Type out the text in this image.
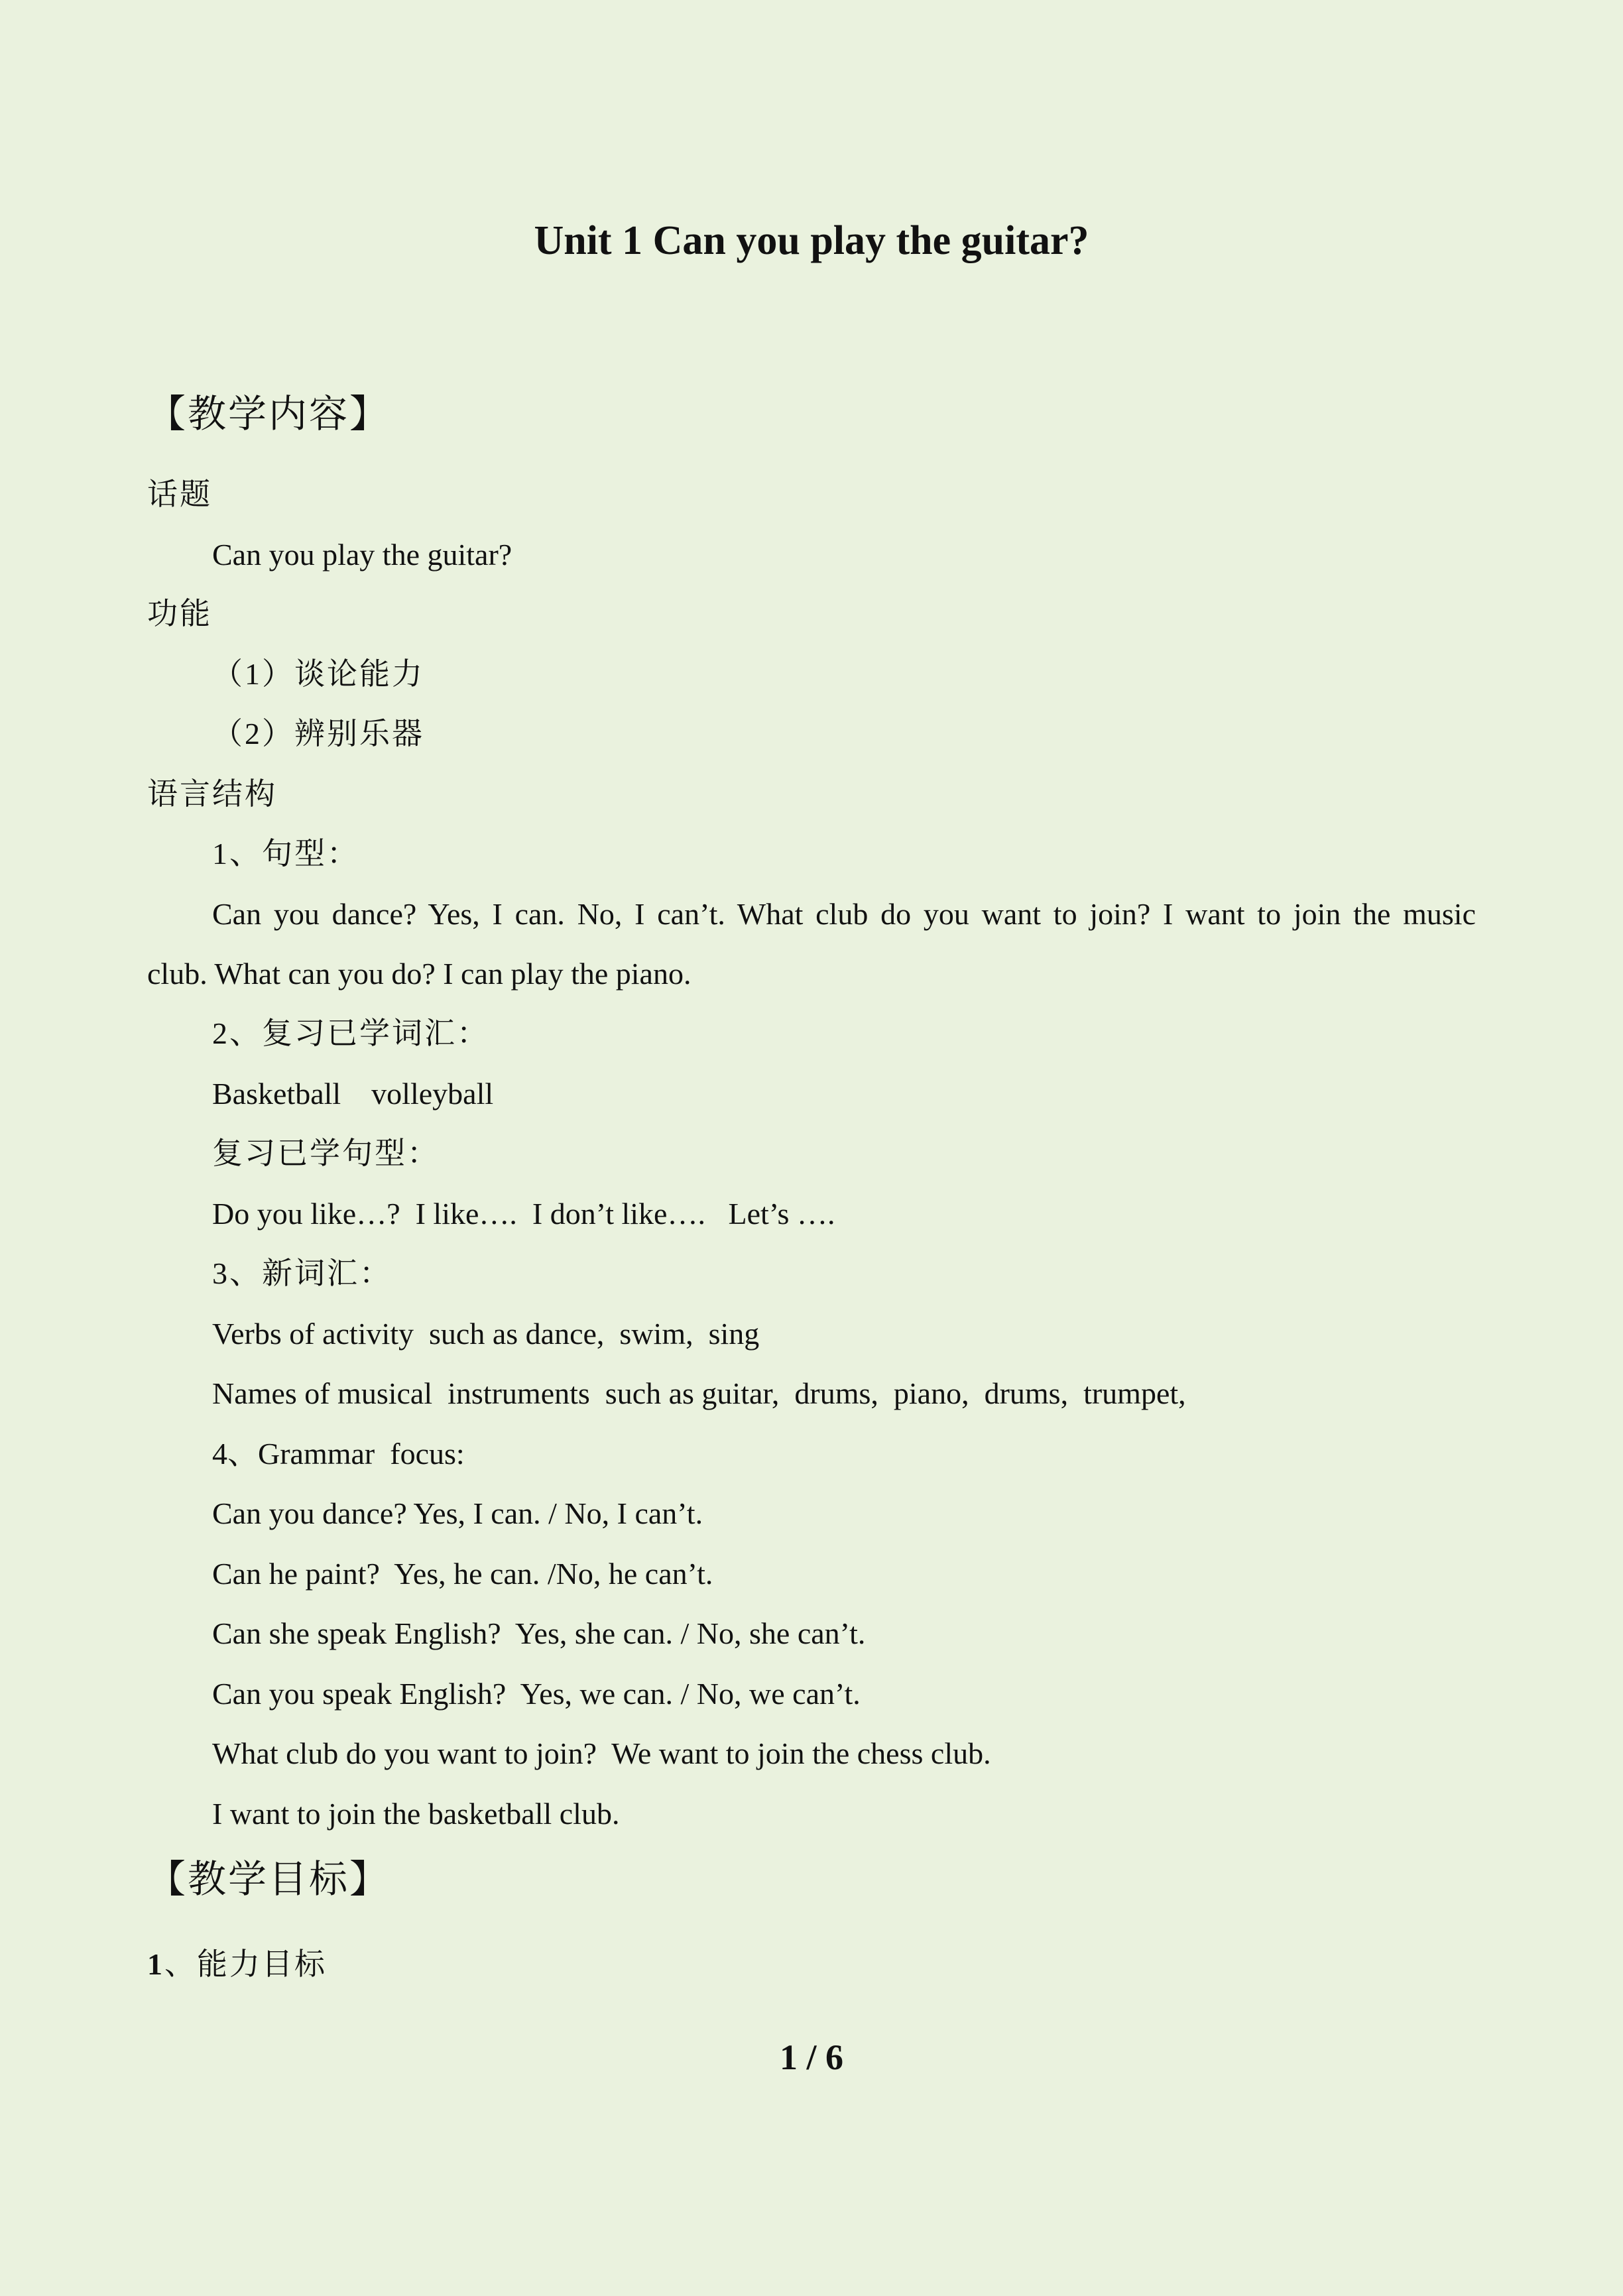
Unit 1 Can you play the guitar?
【教学内容】
话题
Can you play the guitar?
功能
（1）谈论能力
（2）辨别乐器
语言结构
1、句型：
Can you dance? Yes, I can. No, I can’t. What club do you want to join? I want to join the music
club. What can you do? I can play the piano.
2、复习已学词汇：
Basketball    volleyball
复习已学句型：
Do you like…?  I like….  I don’t like….   Let’s ….
3、新词汇：
Verbs of activity  such as dance,  swim,  sing
Names of musical  instruments  such as guitar,  drums,  piano,  drums,  trumpet,
4、Grammar  focus:
Can you dance? Yes, I can. / No, I can’t.
Can he paint?  Yes, he can. /No, he can’t.
Can she speak English?  Yes, she can. / No, she can’t.
Can you speak English?  Yes, we can. / No, we can’t.
What club do you want to join?  We want to join the chess club.
I want to join the basketball club.
【教学目标】
1、能力目标
1 / 6
